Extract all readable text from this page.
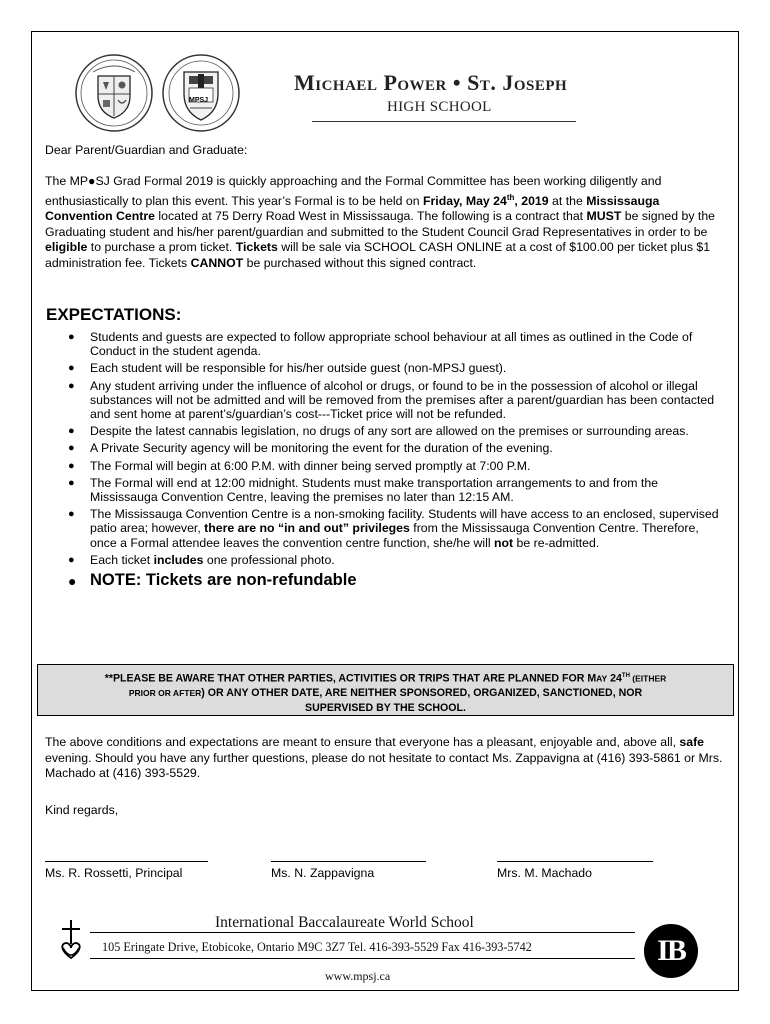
MPSJ
Michael Power • St. Joseph
HIGH SCHOOL
Dear Parent/Guardian and Graduate:
The MP●SJ Grad Formal 2019 is quickly approaching and the Formal Committee has been working diligently and enthusiastically to plan this event. This year’s Formal is to be held on Friday, May 24th, 2019 at the Mississauga Convention Centre located at 75 Derry Road West in Mississauga. The following is a contract that MUST be signed by the Graduating student and his/her parent/guardian and submitted to the Student Council Grad Representatives in order to be eligible to purchase a prom ticket. Tickets will be sale via SCHOOL CASH ONLINE at a cost of $100.00 per ticket plus $1 administration fee. Tickets CANNOT be purchased without this signed contract.
EXPECTATIONS:
● Students and guests are expected to follow appropriate school behaviour at all times as outlined in the Code of Conduct in the student agenda.
● Each student will be responsible for his/her outside guest (non-MPSJ guest).
● Any student arriving under the influence of alcohol or drugs, or found to be in the possession of alcohol or illegal substances will not be admitted and will be removed from the premises after a parent/guardian has been contacted and sent home at parent’s/guardian’s cost---Ticket price will not be refunded.
● Despite the latest cannabis legislation, no drugs of any sort are allowed on the premises or surrounding areas.
● A Private Security agency will be monitoring the event for the duration of the evening.
● The Formal will begin at 6:00 P.M. with dinner being served promptly at 7:00 P.M.
● The Formal will end at 12:00 midnight. Students must make transportation arrangements to and from the Mississauga Convention Centre, leaving the premises no later than 12:15 AM.
● The Mississauga Convention Centre is a non-smoking facility. Students will have access to an enclosed, supervised patio area; however, there are no “in and out” privileges from the Mississauga Convention Centre. Therefore, once a Formal attendee leaves the convention centre function, she/he will not be re-admitted.
● Each ticket includes one professional photo.
● NOTE: Tickets are non-refundable
**PLEASE BE AWARE THAT OTHER PARTIES, ACTIVITIES OR TRIPS THAT ARE PLANNED FOR MAY 24TH (EITHER
PRIOR OR AFTER) OR ANY OTHER DATE, ARE NEITHER SPONSORED, ORGANIZED, SANCTIONED, NOR
SUPERVISED BY THE SCHOOL.
The above conditions and expectations are meant to ensure that everyone has a pleasant, enjoyable and, above all, safe evening. Should you have any further questions, please do not hesitate to contact Ms. Zappavigna at (416) 393-5861 or Mrs. Machado at (416) 393-5529.
Kind regards,
Ms. R. Rossetti, Principal	Ms. N. Zappavigna	Mrs. M. Machado
International Baccalaureate World School
105 Eringate Drive, Etobicoke, Ontario M9C 3Z7 Tel. 416-393-5529 Fax 416-393-5742
www.mpsj.ca
IB
